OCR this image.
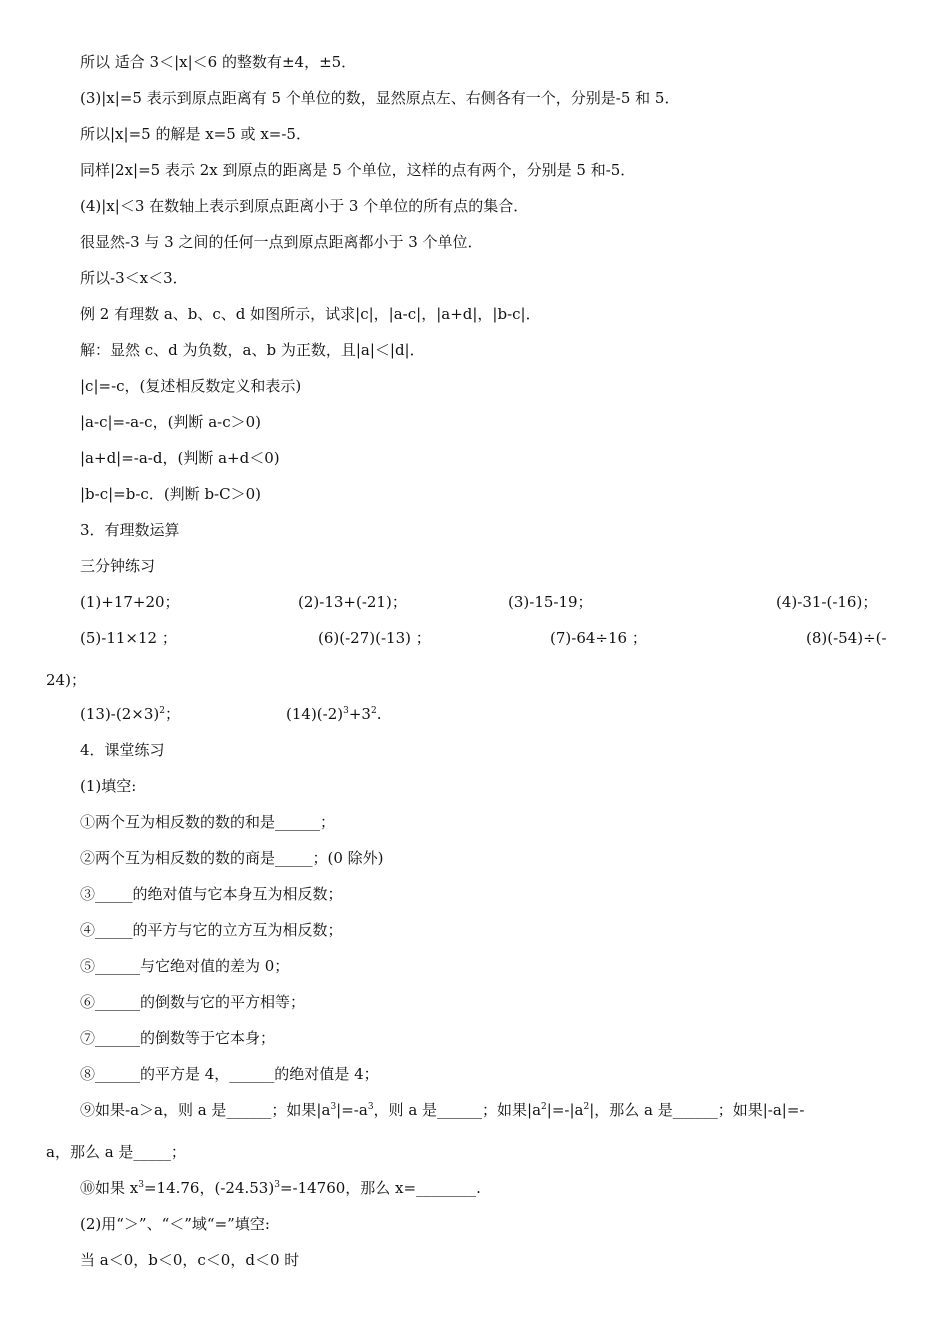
所以 适合 3＜|x|＜6 的整数有±4，±5．
(3)|x|=5 表示到原点距离有 5 个单位的数，显然原点左、右侧各有一个，分别是-5 和 5．
所以|x|=5 的解是 x=5 或 x=-5．
同样|2x|=5 表示 2x 到原点的距离是 5 个单位，这样的点有两个，分别是 5 和-5．
(4)|x|＜3 在数轴上表示到原点距离小于 3 个单位的所有点的集合．
很显然-3 与 3 之间的任何一点到原点距离都小于 3 个单位．
所以-3＜x＜3．
例 2 有理数 a、b、c、d 如图所示，试求|c|，|a-c|，|a+d|，|b-c|．
解：显然 c、d 为负数，a、b 为正数，且|a|＜|d|．
|c|=-c，(复述相反数定义和表示)
|a-c|=-a-c，(判断 a-c＞0)
|a+d|=-a-d，(判断 a+d＜0)
|b-c|=b-c．(判断 b-C＞0)
3．有理数运算
三分钟练习
(1)+17+20；	(2)-13+(-21)；	(3)-15-19；	(4)-31-(-16)；
(5)-11×12 ；	(6)(-27)(-13) ；	(7)-64÷16 ；	(8)(-54)÷(-
24)；
$(13)-(2\times 3)^2$；	$(14)(-2)^3+3^2$.
4．课堂练习
(1)填空:
①两个互为相反数的数的和是______；
②两个互为相反数的数的商是_____；(0 除外)
③_____的绝对值与它本身互为相反数；
④_____的平方与它的立方互为相反数；
⑤______与它绝对值的差为 0；
⑥______的倒数与它的平方相等；
⑦______的倒数等于它本身；
⑧______的平方是 4，______的绝对值是 4；
⑨如果-a＞a，则 a 是______；如果$|a^3|=-a^3$，则 a 是______；如果$|a^2|=-|a^2|$，那么 a 是______；如果|-a|=-
a，那么 a 是_____；
⑩如果 $x^3=14.76$，$(-24.53)^3=-14760$，那么 x=________.
(2)用“＞”、“＜”域“=”填空:
当 a＜0，b＜0，c＜0，d＜0 时
